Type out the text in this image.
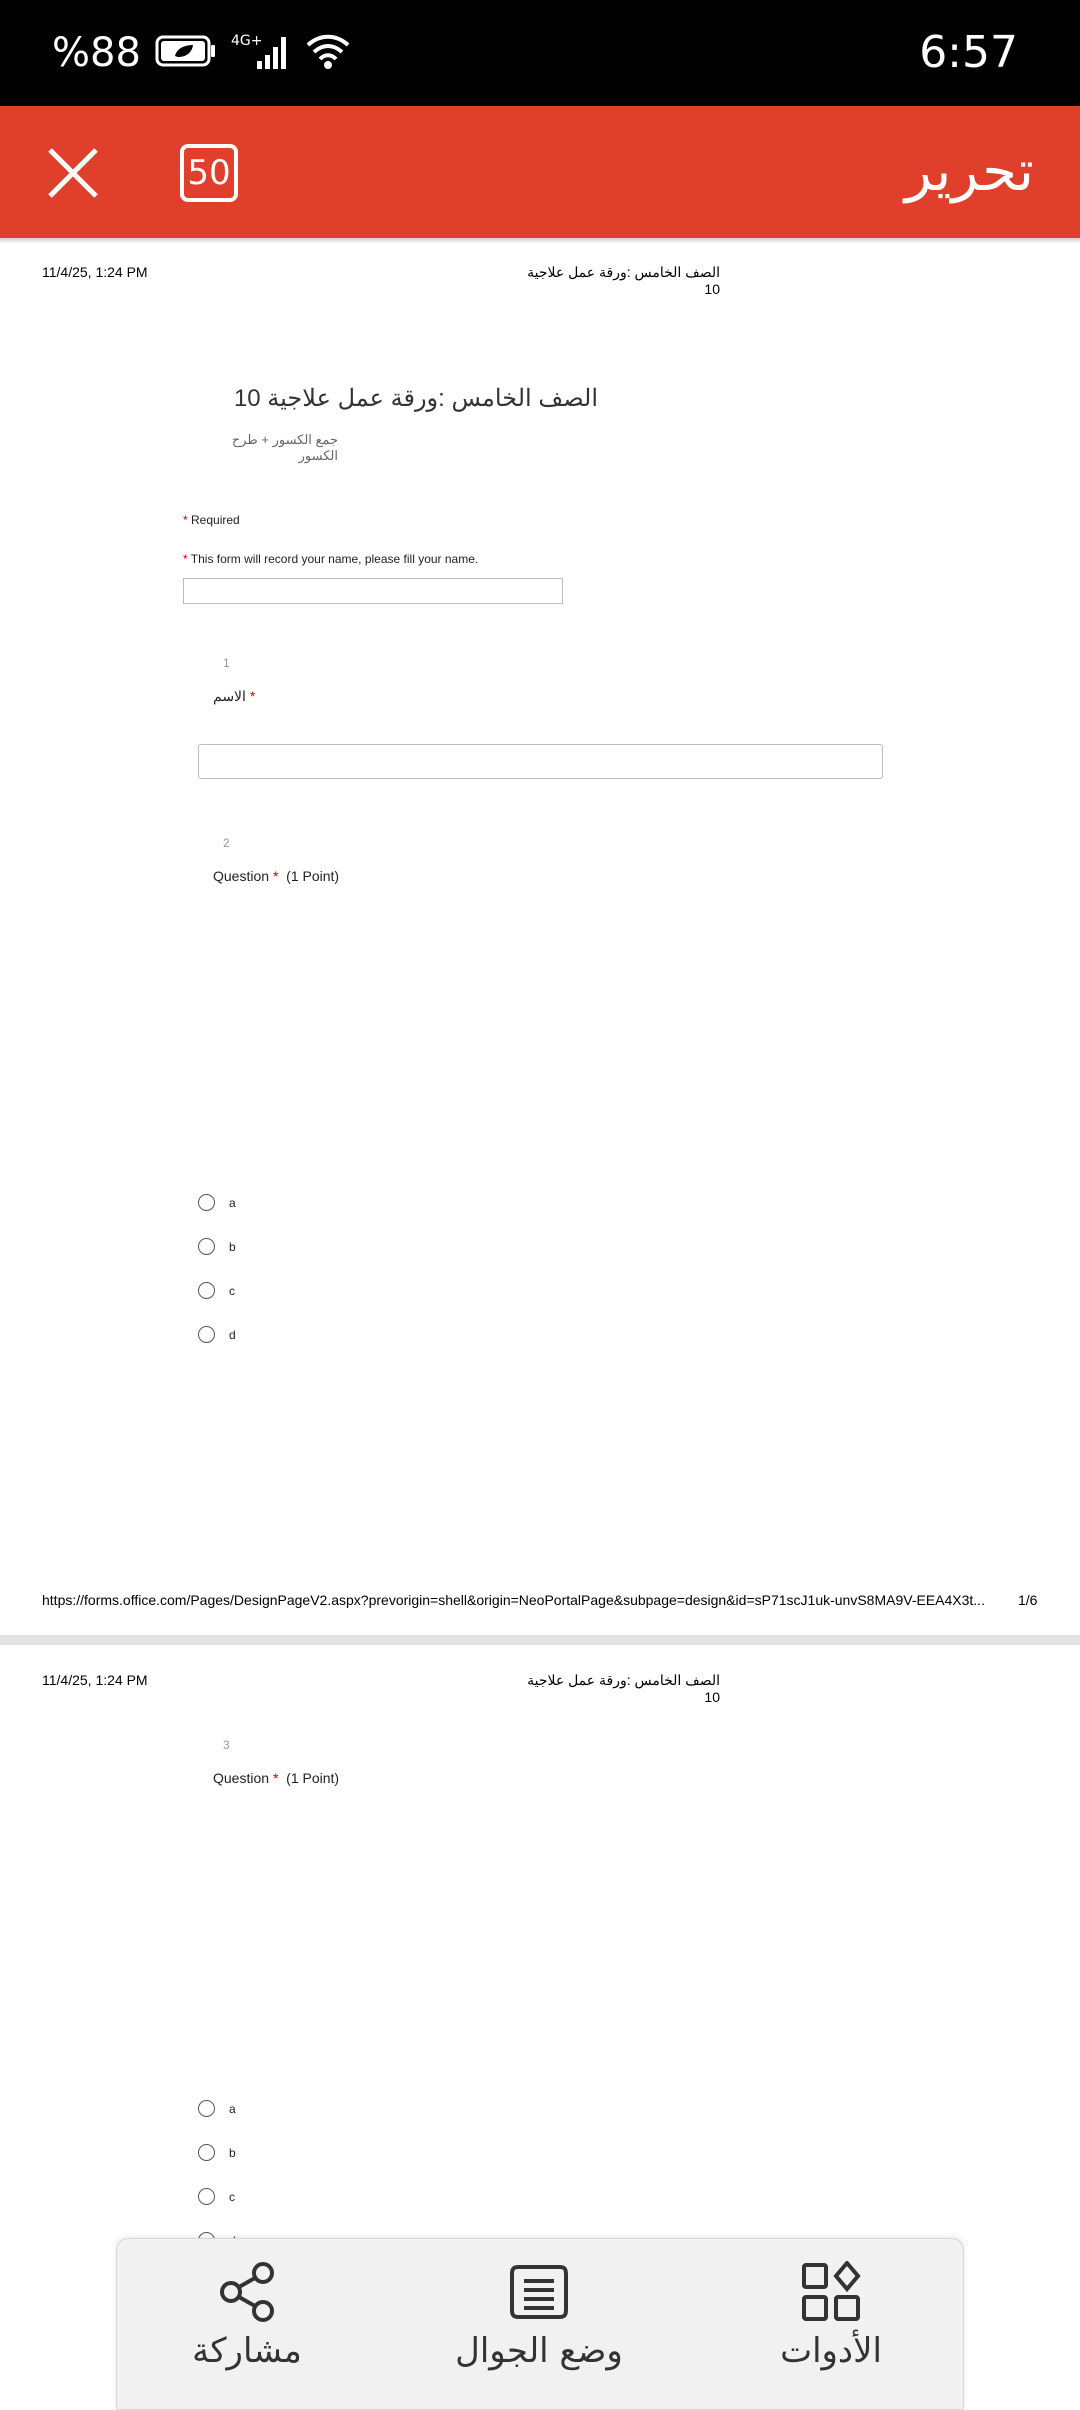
%88	4G+	6:57
50	تحرير
11/4/25, 1:24 PM	الصف الخامس :ورقة عمل علاجية 10
الصف الخامس :ورقة عمل علاجية 10
جمع الكسور + طرح الكسور
* Required
* This form will record your name, please fill your name.
1
الاسم *
2
Question * (1 Point)
a
b
c
d
https://forms.office.com/Pages/DesignPageV2.aspx?prevorigin=shell&origin=NeoPortalPage&subpage=design&id=sP71scJ1uk-unvS8MA9V-EEA4X3t...	1/6
11/4/25, 1:24 PM	الصف الخامس :ورقة عمل علاجية 10
3
Question * (1 Point)
a
b
c
مشاركة	وضع الجوال	الأدوات
